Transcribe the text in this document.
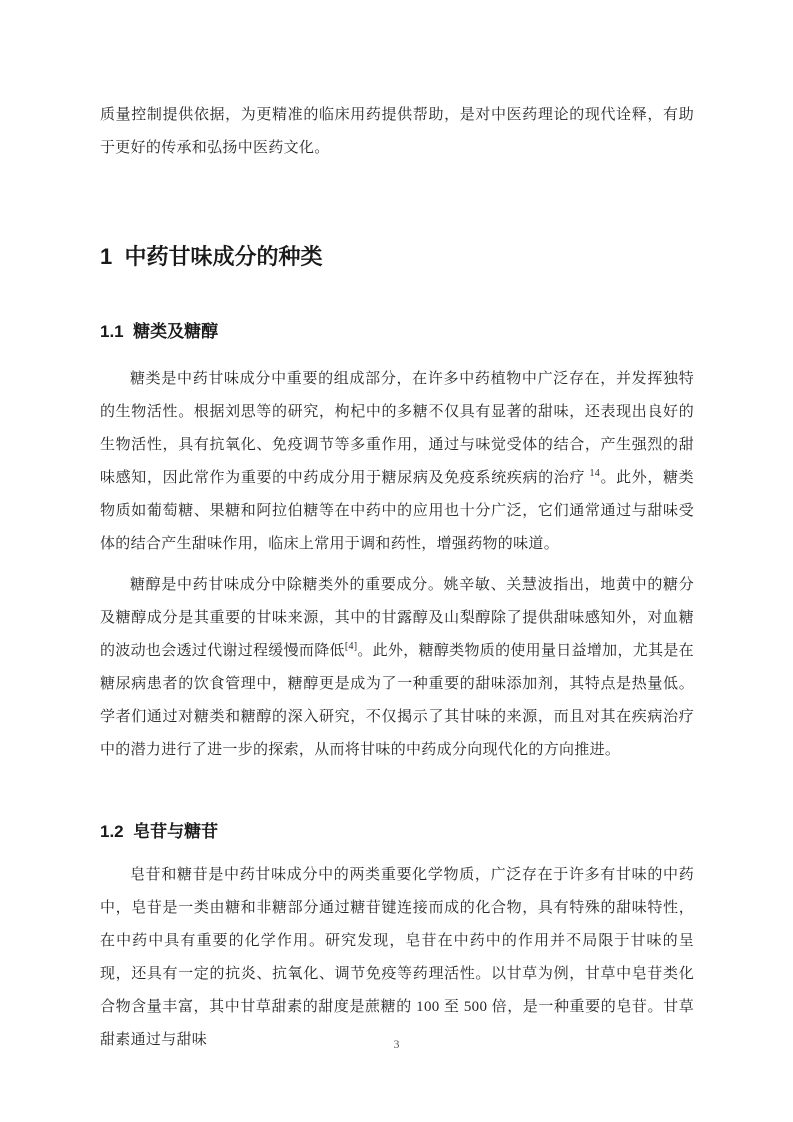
质量控制提供依据，为更精准的临床用药提供帮助，是对中医药理论的现代诠释，有助于更好的传承和弘扬中医药文化。

1  中药甘味成分的种类
1.1  糖类及糖醇

糖类是中药甘味成分中重要的组成部分，在许多中药植物中广泛存在，并发挥独特的生物活性。根据刘思等的研究，枸杞中的多糖不仅具有显著的甜味，还表现出良好的生物活性，具有抗氧化、免疫调节等多重作用，通过与味觉受体的结合，产生强烈的甜味感知，因此常作为重要的中药成分用于糖尿病及免疫系统疾病的治疗 $^{14}$。此外，糖类物质如葡萄糖、果糖和阿拉伯糖等在中药中的应用也十分广泛，它们通常通过与甜味受体的结合产生甜味作用，临床上常用于调和药性，增强药物的味道。

糖醇是中药甘味成分中除糖类外的重要成分。姚辛敏、关慧波指出，地黄中的糖分及糖醇成分是其重要的甘味来源，其中的甘露醇及山梨醇除了提供甜味感知外，对血糖的波动也会透过代谢过程缓慢而降低[4]。此外，糖醇类物质的使用量日益增加，尤其是在糖尿病患者的饮食管理中，糖醇更是成为了一种重要的甜味添加剂，其特点是热量低。学者们通过对糖类和糖醇的深入研究，不仅揭示了其甘味的来源，而且对其在疾病治疗中的潜力进行了进一步的探索，从而将甘味的中药成分向现代化的方向推进。

1.2  皂苷与糖苷

皂苷和糖苷是中药甘味成分中的两类重要化学物质，广泛存在于许多有甘味的中药中，皂苷是一类由糖和非糖部分通过糖苷键连接而成的化合物，具有特殊的甜味特性，在中药中具有重要的化学作用。研究发现，皂苷在中药中的作用并不局限于甘味的呈现，还具有一定的抗炎、抗氧化、调节免疫等药理活性。以甘草为例，甘草中皂苷类化合物含量丰富，其中甘草甜素的甜度是蔗糖的 100 至 500 倍，是一种重要的皂苷。甘草甜素通过与甜味	3
